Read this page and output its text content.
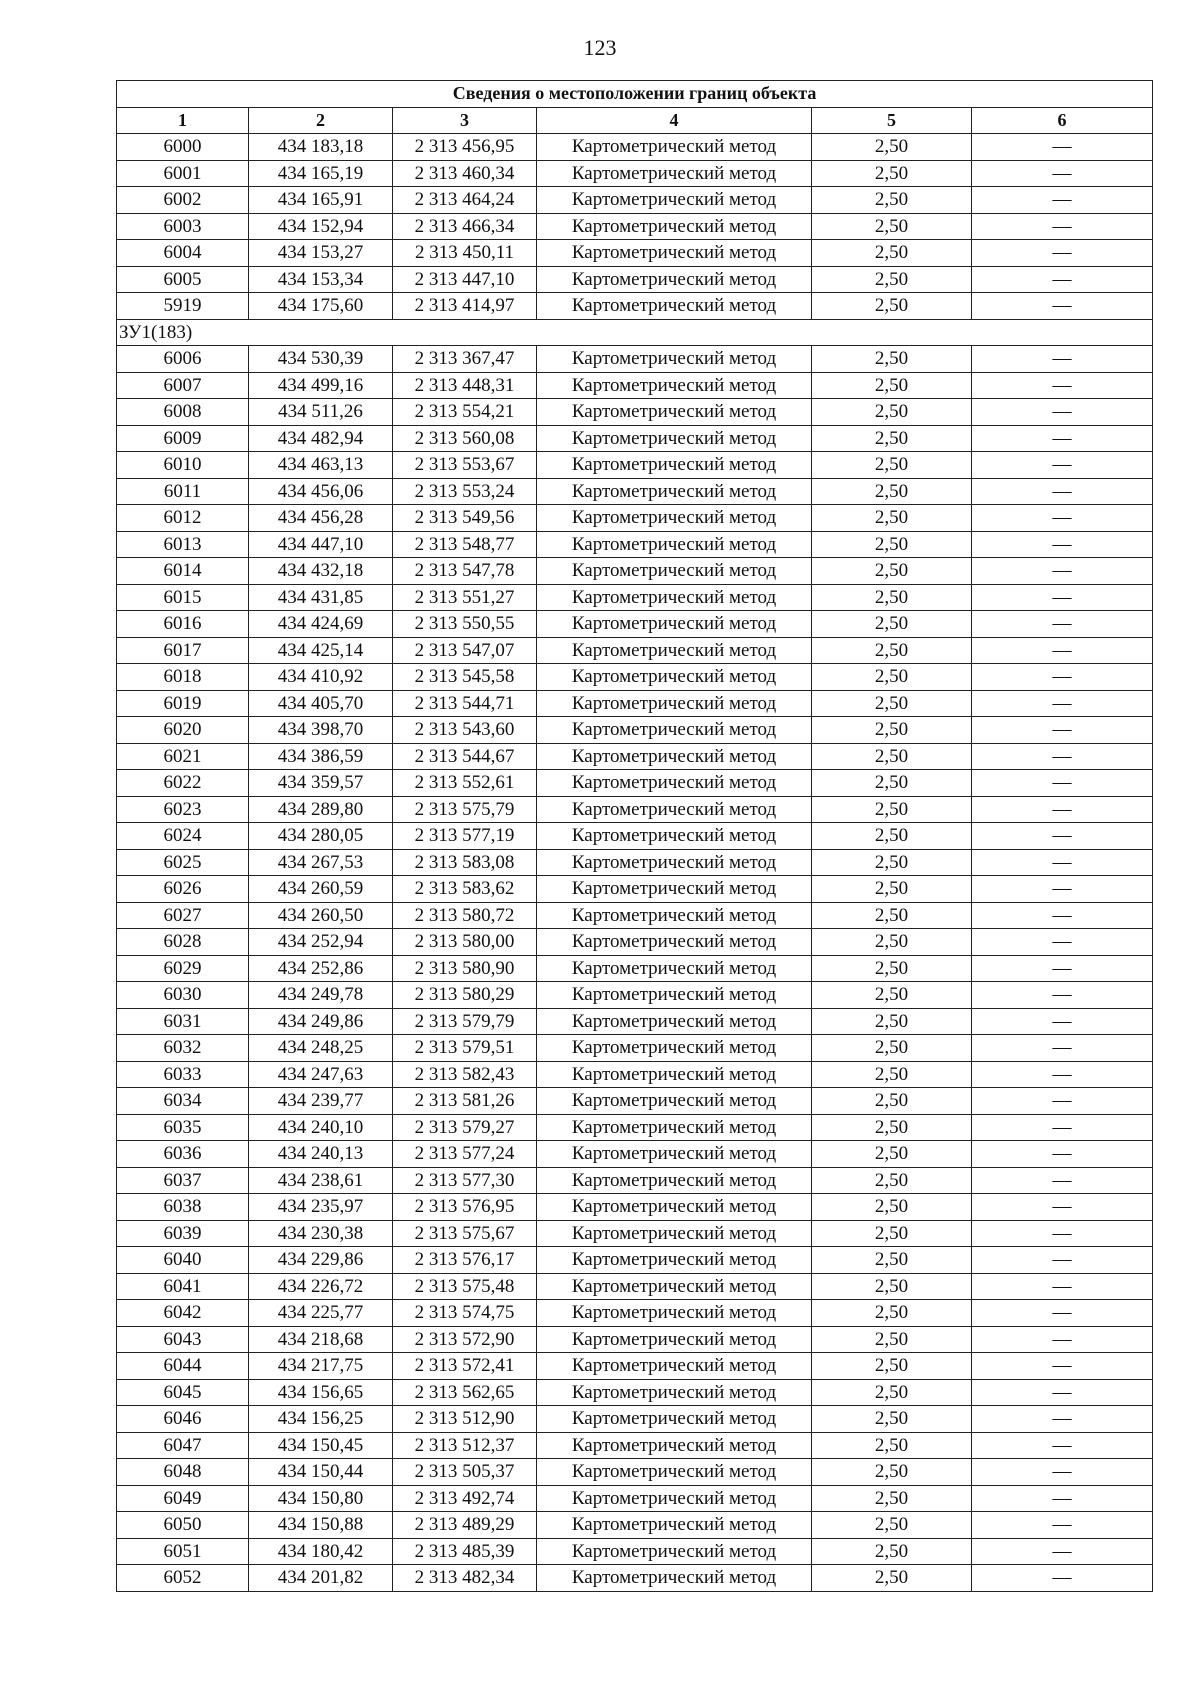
123
Сведения о местоположении границ объекта					
1	2	3	4	5	6
6000	434 183,18	2 313 456,95	Картометрический метод	2,50	—
6001	434 165,19	2 313 460,34	Картометрический метод	2,50	—
6002	434 165,91	2 313 464,24	Картометрический метод	2,50	—
6003	434 152,94	2 313 466,34	Картометрический метод	2,50	—
6004	434 153,27	2 313 450,11	Картометрический метод	2,50	—
6005	434 153,34	2 313 447,10	Картометрический метод	2,50	—
5919	434 175,60	2 313 414,97	Картометрический метод	2,50	—
ЗУ1(183)					
6006	434 530,39	2 313 367,47	Картометрический метод	2,50	—
6007	434 499,16	2 313 448,31	Картометрический метод	2,50	—
6008	434 511,26	2 313 554,21	Картометрический метод	2,50	—
6009	434 482,94	2 313 560,08	Картометрический метод	2,50	—
6010	434 463,13	2 313 553,67	Картометрический метод	2,50	—
6011	434 456,06	2 313 553,24	Картометрический метод	2,50	—
6012	434 456,28	2 313 549,56	Картометрический метод	2,50	—
6013	434 447,10	2 313 548,77	Картометрический метод	2,50	—
6014	434 432,18	2 313 547,78	Картометрический метод	2,50	—
6015	434 431,85	2 313 551,27	Картометрический метод	2,50	—
6016	434 424,69	2 313 550,55	Картометрический метод	2,50	—
6017	434 425,14	2 313 547,07	Картометрический метод	2,50	—
6018	434 410,92	2 313 545,58	Картометрический метод	2,50	—
6019	434 405,70	2 313 544,71	Картометрический метод	2,50	—
6020	434 398,70	2 313 543,60	Картометрический метод	2,50	—
6021	434 386,59	2 313 544,67	Картометрический метод	2,50	—
6022	434 359,57	2 313 552,61	Картометрический метод	2,50	—
6023	434 289,80	2 313 575,79	Картометрический метод	2,50	—
6024	434 280,05	2 313 577,19	Картометрический метод	2,50	—
6025	434 267,53	2 313 583,08	Картометрический метод	2,50	—
6026	434 260,59	2 313 583,62	Картометрический метод	2,50	—
6027	434 260,50	2 313 580,72	Картометрический метод	2,50	—
6028	434 252,94	2 313 580,00	Картометрический метод	2,50	—
6029	434 252,86	2 313 580,90	Картометрический метод	2,50	—
6030	434 249,78	2 313 580,29	Картометрический метод	2,50	—
6031	434 249,86	2 313 579,79	Картометрический метод	2,50	—
6032	434 248,25	2 313 579,51	Картометрический метод	2,50	—
6033	434 247,63	2 313 582,43	Картометрический метод	2,50	—
6034	434 239,77	2 313 581,26	Картометрический метод	2,50	—
6035	434 240,10	2 313 579,27	Картометрический метод	2,50	—
6036	434 240,13	2 313 577,24	Картометрический метод	2,50	—
6037	434 238,61	2 313 577,30	Картометрический метод	2,50	—
6038	434 235,97	2 313 576,95	Картометрический метод	2,50	—
6039	434 230,38	2 313 575,67	Картометрический метод	2,50	—
6040	434 229,86	2 313 576,17	Картометрический метод	2,50	—
6041	434 226,72	2 313 575,48	Картометрический метод	2,50	—
6042	434 225,77	2 313 574,75	Картометрический метод	2,50	—
6043	434 218,68	2 313 572,90	Картометрический метод	2,50	—
6044	434 217,75	2 313 572,41	Картометрический метод	2,50	—
6045	434 156,65	2 313 562,65	Картометрический метод	2,50	—
6046	434 156,25	2 313 512,90	Картометрический метод	2,50	—
6047	434 150,45	2 313 512,37	Картометрический метод	2,50	—
6048	434 150,44	2 313 505,37	Картометрический метод	2,50	—
6049	434 150,80	2 313 492,74	Картометрический метод	2,50	—
6050	434 150,88	2 313 489,29	Картометрический метод	2,50	—
6051	434 180,42	2 313 485,39	Картометрический метод	2,50	—
6052	434 201,82	2 313 482,34	Картометрический метод	2,50	—
